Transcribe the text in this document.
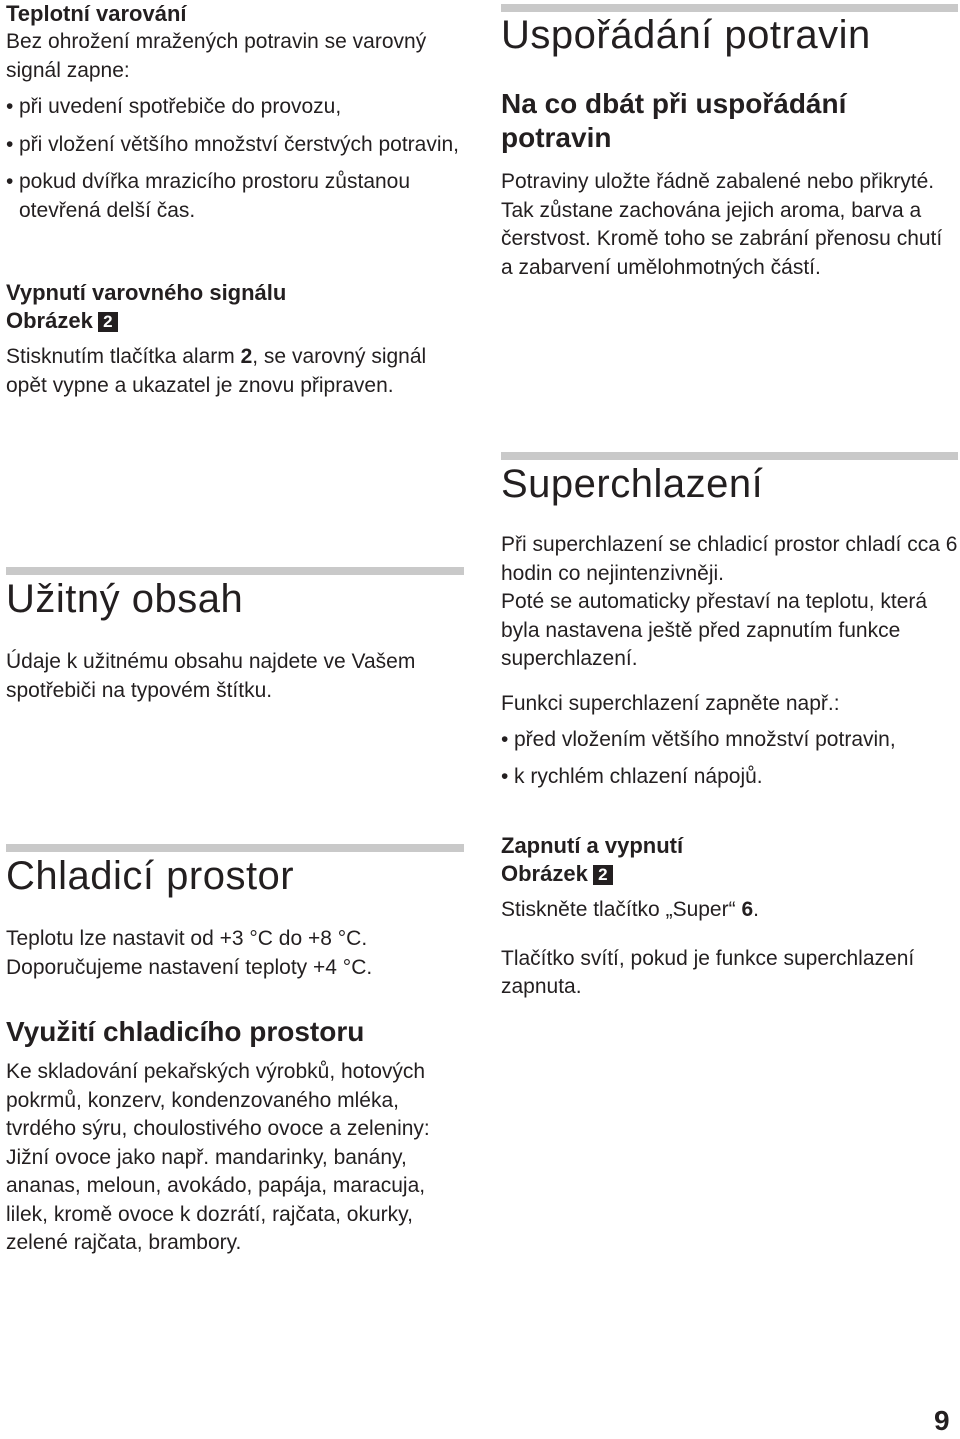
Teplotní varování

Bez ohrožení mražených potravin se varovný signál zapne:

• při uvedení spotřebiče do provozu,
• při vložení většího množství čerstvých potravin,
• pokud dvířka mrazicího prostoru zůstanou otevřená delší čas.

Vypnutí varovného signálu

Obrázek 2

Stisknutím tlačítka alarm 2, se varovný signál opět vypne a ukazatel je znovu připraven.

Užitný obsah

Údaje k užitnému obsahu najdete ve Vašem spotřebiči na typovém štítku.

Chladicí prostor

Teplotu lze nastavit od +3 °C do +8 °C.

Doporučujeme nastavení teploty +4 °C.

Využití chladicího prostoru

Ke skladování pekařských výrobků, hotových pokrmů, konzerv, kondenzovaného mléka, tvrdého sýru, choulostivého ovoce a zeleniny:

Jižní ovoce jako např. mandarinky, banány, ananas, meloun, avokádo, papája, maracuja, lilek, kromě ovoce k dozrátí, rajčata, okurky, zelené rajčata, brambory.

Uspořádání potravin
Na co dbát při uspořádání potravin

Potraviny uložte řádně zabalené nebo přikryté. Tak zůstane zachována jejich aroma, barva a čerstvost. Kromě toho se zabrání přenosu chutí a zabarvení umělohmotných částí.

Superchlazení

Při superchlazení se chladicí prostor chladí cca 6 hodin co nejintenzivněji.

Poté se automaticky přestaví na teplotu, která byla nastavena ještě před zapnutím funkce superchlazení.

Funkci superchlazení zapněte např.:

• před vložením většího množství potravin,
• k rychlém chlazení nápojů.

Zapnutí a vypnutí

Obrázek 2

Stiskněte tlačítko „Super“ 6.

Tlačítko svítí, pokud je funkce superchlazení zapnuta.

9
